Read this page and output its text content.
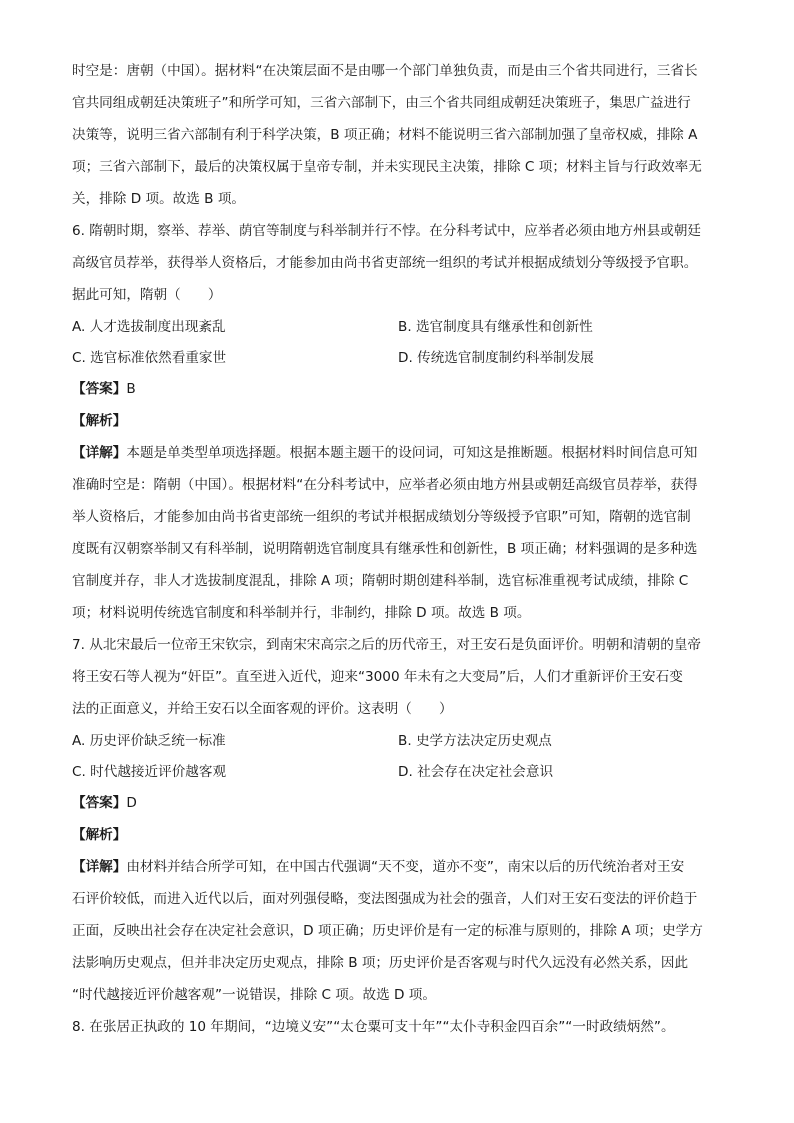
时空是：唐朝（中国）。据材料“在决策层面不是由哪一个部门单独负责，而是由三个省共同进行，三省长
官共同组成朝廷决策班子”和所学可知，三省六部制下，由三个省共同组成朝廷决策班子，集思广益进行
决策等，说明三省六部制有利于科学决策，B 项正确；材料不能说明三省六部制加强了皇帝权威，排除 A
项；三省六部制下，最后的决策权属于皇帝专制，并未实现民主决策，排除 C 项；材料主旨与行政效率无
关，排除 D 项。故选 B 项。
6. 隋朝时期，察举、荐举、荫官等制度与科举制并行不悖。在分科考试中，应举者必须由地方州县或朝廷
高级官员荐举，获得举人资格后，才能参加由尚书省吏部统一组织的考试并根据成绩划分等级授予官职。
据此可知，隋朝（　　）
A. 人才选拔制度出现紊乱	B. 选官制度具有继承性和创新性
C. 选官标准依然看重家世	D. 传统选官制度制约科举制发展
【答案】B
【解析】
【详解】本题是单类型单项选择题。根据本题主题干的设问词，可知这是推断题。根据材料时间信息可知
准确时空是：隋朝（中国）。根据材料“在分科考试中，应举者必须由地方州县或朝廷高级官员荐举，获得
举人资格后，才能参加由尚书省吏部统一组织的考试并根据成绩划分等级授予官职”可知，隋朝的选官制
度既有汉朝察举制又有科举制，说明隋朝选官制度具有继承性和创新性，B 项正确；材料强调的是多种选
官制度并存，非人才选拔制度混乱，排除 A 项；隋朝时期创建科举制，选官标准重视考试成绩，排除 C
项；材料说明传统选官制度和科举制并行，非制约，排除 D 项。故选 B 项。
7. 从北宋最后一位帝王宋钦宗，到南宋宋高宗之后的历代帝王，对王安石是负面评价。明朝和清朝的皇帝
将王安石等人视为“奸臣”。直至进入近代，迎来“3000 年未有之大变局”后，人们才重新评价王安石变
法的正面意义，并给王安石以全面客观的评价。这表明（　　）
A. 历史评价缺乏统一标准	B. 史学方法决定历史观点
C. 时代越接近评价越客观	D. 社会存在决定社会意识
【答案】D
【解析】
【详解】由材料并结合所学可知，在中国古代强调“天不变，道亦不变”，南宋以后的历代统治者对王安
石评价较低，而进入近代以后，面对列强侵略，变法图强成为社会的强音，人们对王安石变法的评价趋于
正面，反映出社会存在决定社会意识，D 项正确；历史评价是有一定的标准与原则的，排除 A 项；史学方
法影响历史观点，但并非决定历史观点，排除 B 项；历史评价是否客观与时代久远没有必然关系，因此
“时代越接近评价越客观”一说错误，排除 C 项。故选 D 项。
8. 在张居正执政的 10 年期间，“边境义安”“太仓粟可支十年”“太仆寺积金四百余”“一时政绩炳然”。
